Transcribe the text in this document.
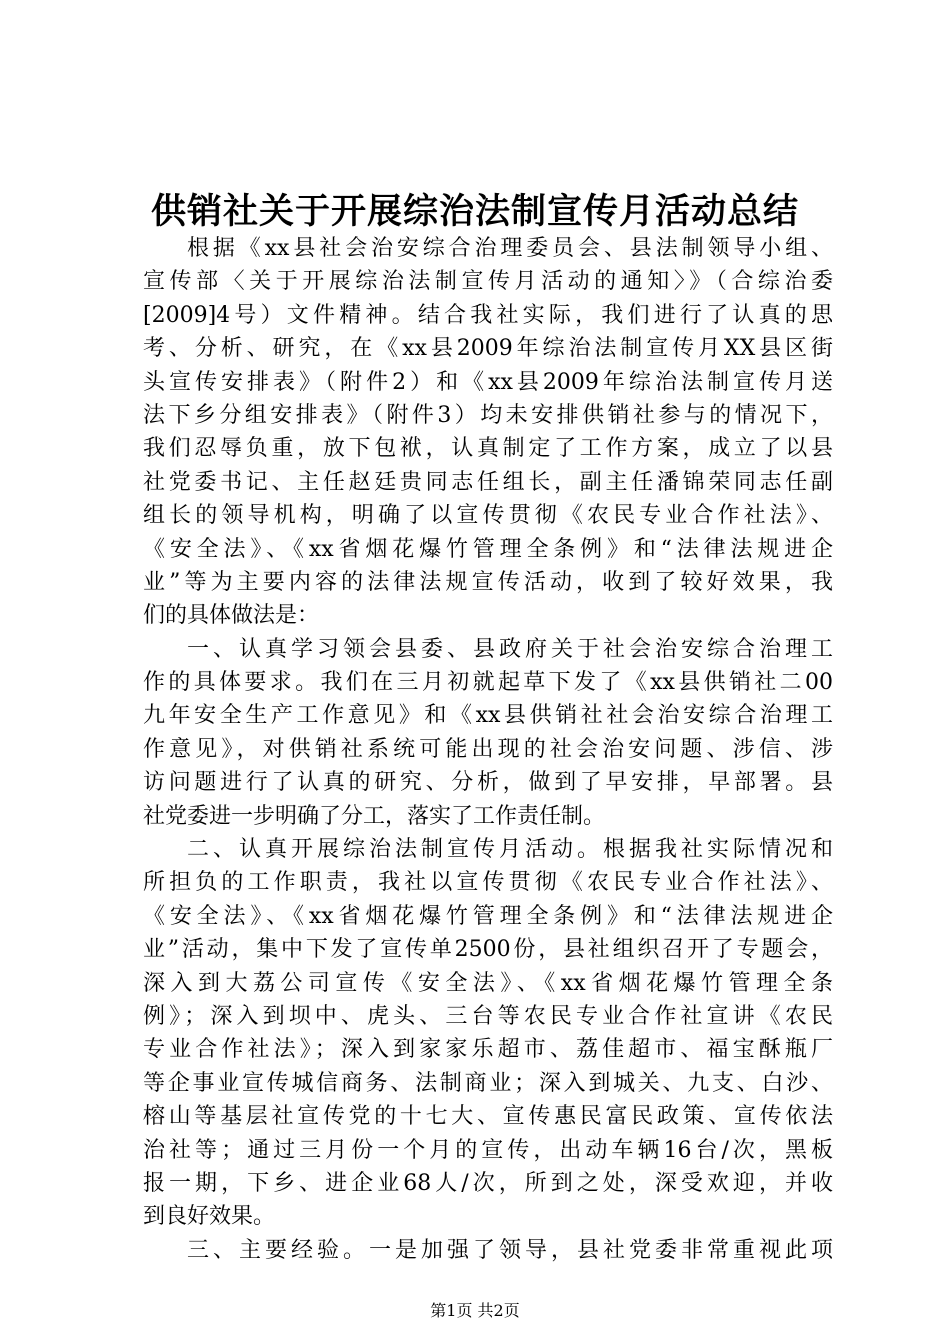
供销社关于开展综治法制宣传月活动总结
根据《xx县社会治安综合治理委员会、县法制领导小组、
宣传部〈关于开展综治法制宣传月活动的通知〉》（合综治委
[2009]4号）文件精神。结合我社实际，我们进行了认真的思
考、分析、研究，在《xx县2009年综治法制宣传月XX县区街
头宣传安排表》（附件2）和《xx县2009年综治法制宣传月送
法下乡分组安排表》（附件3）均未安排供销社参与的情况下，
我们忍辱负重，放下包袱，认真制定了工作方案，成立了以县
社党委书记、主任赵廷贵同志任组长，副主任潘锦荣同志任副
组长的领导机构，明确了以宣传贯彻《农民专业合作社法》、
《安全法》、《xx省烟花爆竹管理全条例》和“法律法规进企
业”等为主要内容的法律法规宣传活动，收到了较好效果，我
们的具体做法是：
一、认真学习领会县委、县政府关于社会治安综合治理工
作的具体要求。我们在三月初就起草下发了《xx县供销社二00
九年安全生产工作意见》和《xx县供销社社会治安综合治理工
作意见》，对供销社系统可能出现的社会治安问题、涉信、涉
访问题进行了认真的研究、分析，做到了早安排，早部署。县
社党委进一步明确了分工，落实了工作责任制。
二、认真开展综治法制宣传月活动。根据我社实际情况和
所担负的工作职责，我社以宣传贯彻《农民专业合作社法》、
《安全法》、《xx省烟花爆竹管理全条例》和“法律法规进企
业”活动，集中下发了宣传单2500份，县社组织召开了专题会，
深入到大荔公司宣传《安全法》、《xx省烟花爆竹管理全条
例》；深入到坝中、虎头、三台等农民专业合作社宣讲《农民
专业合作社法》；深入到家家乐超市、荔佳超市、福宝酥瓶厂
等企事业宣传城信商务、法制商业；深入到城关、九支、白沙、
榕山等基层社宣传党的十七大、宣传惠民富民政策、宣传依法
治社等；通过三月份一个月的宣传，出动车辆16台/次，黑板
报一期，下乡、进企业68人/次，所到之处，深受欢迎，并收
到良好效果。
三、主要经验。一是加强了领导，县社党委非常重视此项
第1页 共2页
